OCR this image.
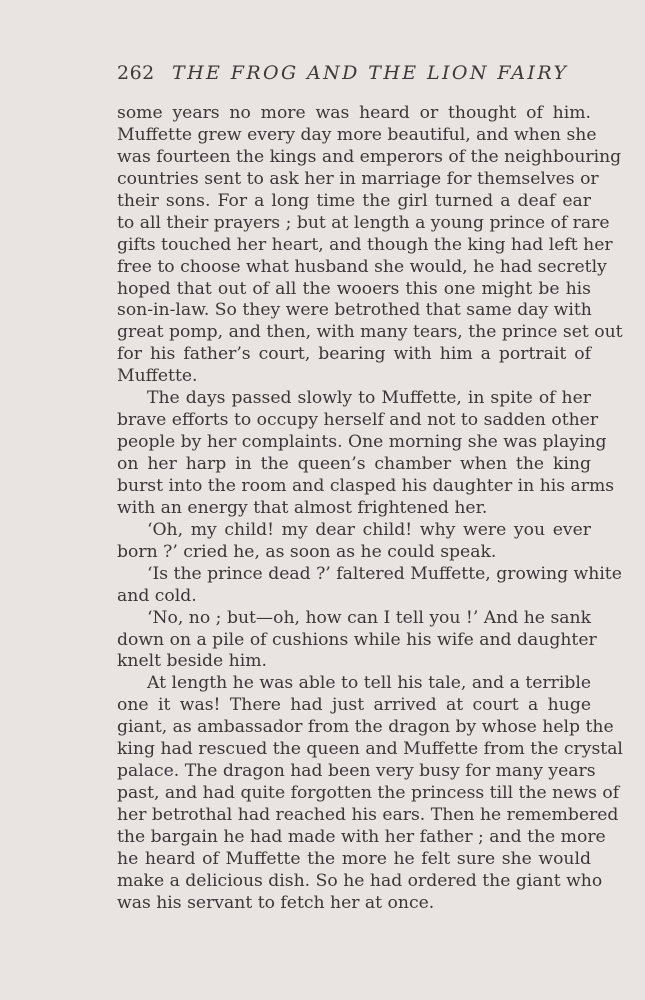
262 THE FROG AND THE LION FAIRY
some years no more was heard or thought of him.
Muffette grew every day more beautiful, and when she
was fourteen the kings and emperors of the neighbouring
countries sent to ask her in marriage for themselves or
their sons. For a long time the girl turned a deaf ear
to all their prayers ; but at length a young prince of rare
gifts touched her heart, and though the king had left her
free to choose what husband she would, he had secretly
hoped that out of all the wooers this one might be his
son-in-law. So they were betrothed that same day with
great pomp, and then, with many tears, the prince set out
for his father’s court, bearing with him a portrait of
Muffette.
The days passed slowly to Muffette, in spite of her
brave efforts to occupy herself and not to sadden other
people by her complaints. One morning she was playing
on her harp in the queen’s chamber when the king
burst into the room and clasped his daughter in his arms
with an energy that almost frightened her.
‘Oh, my child! my dear child! why were you ever
born ?’ cried he, as soon as he could speak.
‘Is the prince dead ?’ faltered Muffette, growing white
and cold.
‘No, no ; but—oh, how can I tell you !’ And he sank
down on a pile of cushions while his wife and daughter
knelt beside him.
At length he was able to tell his tale, and a terrible
one it was! There had just arrived at court a huge
giant, as ambassador from the dragon by whose help the
king had rescued the queen and Muffette from the crystal
palace. The dragon had been very busy for many years
past, and had quite forgotten the princess till the news of
her betrothal had reached his ears. Then he remembered
the bargain he had made with her father ; and the more
he heard of Muffette the more he felt sure she would
make a delicious dish. So he had ordered the giant who
was his servant to fetch her at once.
